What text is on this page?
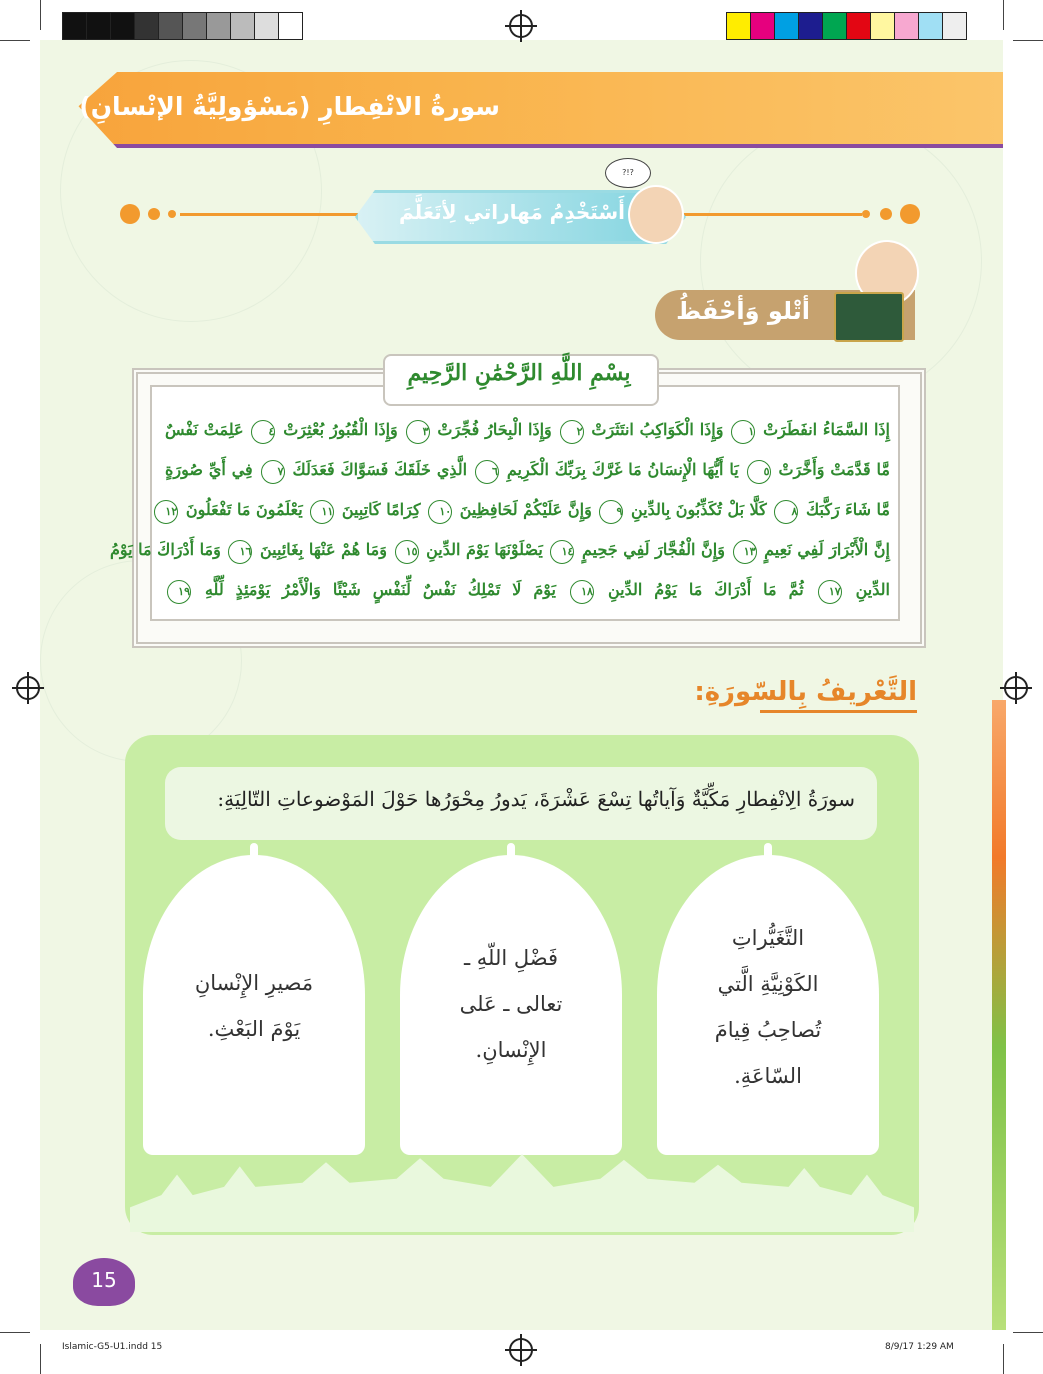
سورةُ الانْفِطارِ (مَسْؤولِيَّةُ الإنْسانِ)
أَسْتَخْدِمُ مَهاراتي لِأتَعَلَّمَ
?!?
أتْلو وَأحْفَظُ
بِسْمِ اللَّهِ الرَّحْمَٰنِ الرَّحِيمِ
إِذَا السَّمَاءُ انفَطَرَتْ ١ وَإِذَا الْكَوَاكِبُ انتَثَرَتْ ٢ وَإِذَا الْبِحَارُ فُجِّرَتْ ٣ وَإِذَا الْقُبُورُ بُعْثِرَتْ ٤ عَلِمَتْ نَفْسٌ
مَّا قَدَّمَتْ وَأَخَّرَتْ ٥ يَا أَيُّهَا الْإِنسَانُ مَا غَرَّكَ بِرَبِّكَ الْكَرِيمِ ٦ الَّذِي خَلَقَكَ فَسَوَّاكَ فَعَدَلَكَ ٧ فِي أَيِّ صُورَةٍ
مَّا شَاءَ رَكَّبَكَ ٨ كَلَّا بَلْ تُكَذِّبُونَ بِالدِّينِ ٩ وَإِنَّ عَلَيْكُمْ لَحَافِظِينَ ١٠ كِرَامًا كَاتِبِينَ ١١ يَعْلَمُونَ مَا تَفْعَلُونَ ١٢
إِنَّ الْأَبْرَارَ لَفِي نَعِيمٍ ١٣ وَإِنَّ الْفُجَّارَ لَفِي جَحِيمٍ ١٤ يَصْلَوْنَهَا يَوْمَ الدِّينِ ١٥ وَمَا هُمْ عَنْهَا بِغَائِبِينَ ١٦ وَمَا أَدْرَاكَ مَا يَوْمُ
الدِّينِ ١٧ ثُمَّ مَا أَدْرَاكَ مَا يَوْمُ الدِّينِ ١٨ يَوْمَ لَا تَمْلِكُ نَفْسٌ لِّنَفْسٍ شَيْئًا وَالْأَمْرُ يَوْمَئِذٍ لِّلَّهِ ١٩
التَّعْريفُ بِالسّورَةِ:
سورَةُ الِانْفِطارِ مَكِّيَّةٌ وَآياتُها تِسْعَ عَشْرَةَ، يَدورُ مِحْوَرُها حَوْلَ المَوْضوعاتِ التّالِيَةِ:
التَّغَيُّراتِ
الكَوْنِيَّةِ الَّتي
تُصاحِبُ قِيامَ
السّاعَةِ.
فَضْلِ اللّهِ ـ
تعالى ـ عَلى
الإِنْسانِ.
مَصيرِ الإِنْسانِ
يَوْمَ البَعْثِ.
15
Islamic-G5-U1.indd 15	8/9/17 1:29 AM
